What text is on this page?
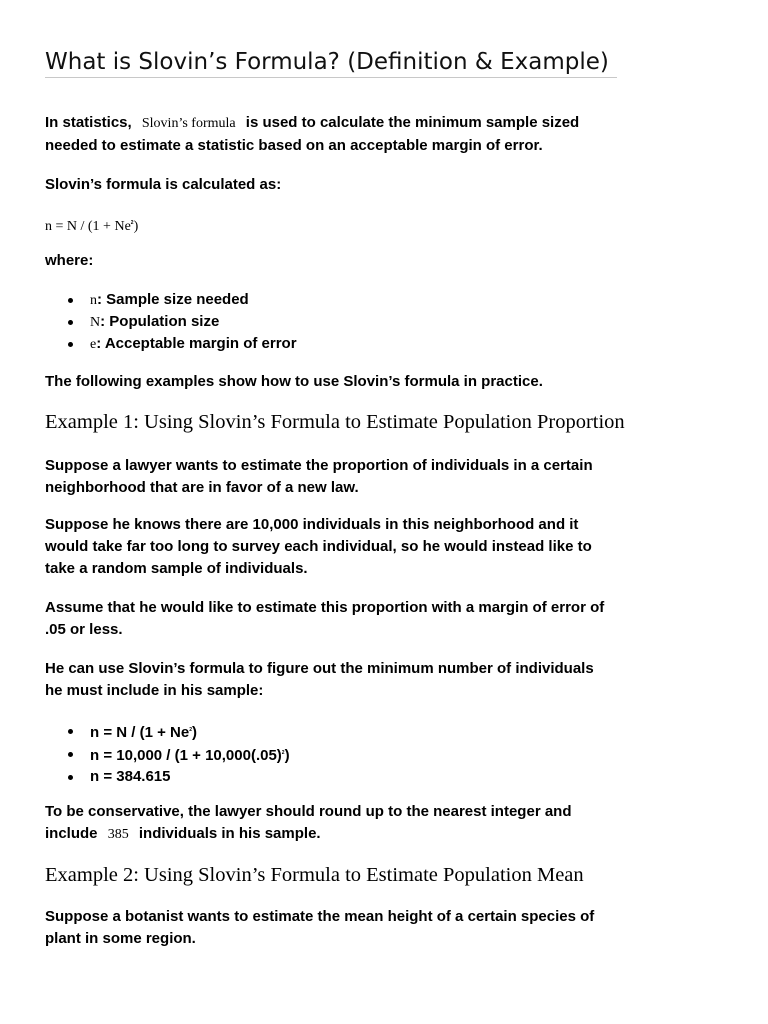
What is Slovin’s Formula? (Definition & Example)

In statistics, Slovin’s formula is used to calculate the minimum sample sized
needed to estimate a statistic based on an acceptable margin of error.

Slovin’s formula is calculated as:

$n = N / (1 + Ne^2)$

where:

n: Sample size needed
N: Population size
e: Acceptable margin of error

The following examples show how to use Slovin’s formula in practice.

Example 1: Using Slovin’s Formula to Estimate Population Proportion

Suppose a lawyer wants to estimate the proportion of individuals in a certain
neighborhood that are in favor of a new law.

Suppose he knows there are 10,000 individuals in this neighborhood and it
would take far too long to survey each individual, so he would instead like to
take a random sample of individuals.

Assume that he would like to estimate this proportion with a margin of error of
.05 or less.

He can use Slovin’s formula to figure out the minimum number of individuals
he must include in his sample:

$n = N / (1 + Ne^2)$
$n = 10,000 / (1 + 10,000(.05)^2)$
n = 384.615

To be conservative, the lawyer should round up to the nearest integer and
include 385 individuals in his sample.

Example 2: Using Slovin’s Formula to Estimate Population Mean

Suppose a botanist wants to estimate the mean height of a certain species of
plant in some region.
